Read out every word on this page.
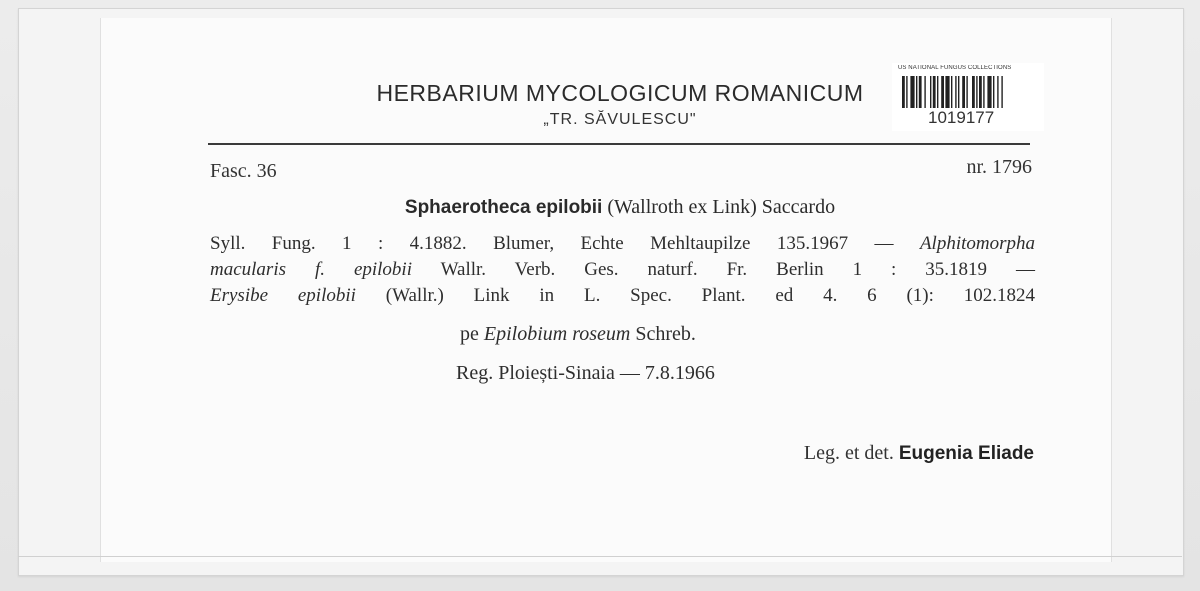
HERBARIUM MYCOLOGICUM ROMANICUM
„TR. SĂVULESCU"
US NATIONAL FUNGUS COLLECTIONS
1019177
Fasc. 36	nr. 1796
Sphaerotheca epilobii (Wallroth ex Link) Saccardo
Syll. Fung. 1 : 4.1882. Blumer, Echte Mehltaupilze 135.1967 — Alphitomorpha
macularis f. epilobii Wallr. Verb. Ges. naturf. Fr. Berlin 1 : 35.1819 —
Erysibe epilobii (Wallr.) Link in L. Spec. Plant. ed 4. 6 (1): 102.1824
pe Epilobium roseum Schreb.
Reg. Ploiești-Sinaia — 7.8.1966
Leg. et det. Eugenia Eliade
